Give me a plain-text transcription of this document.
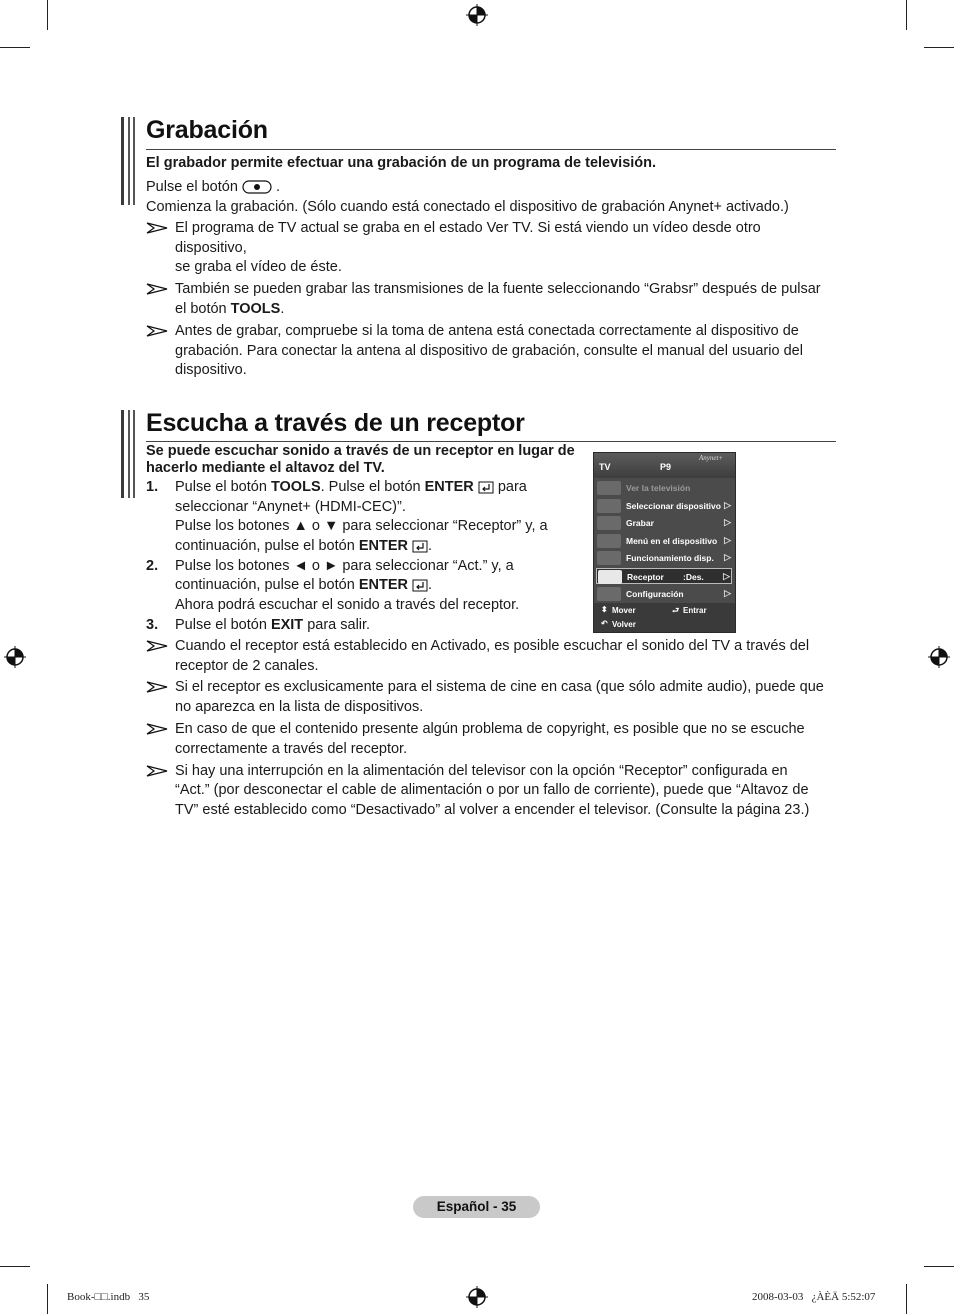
Grabación
El grabador permite efectuar una grabación de un programa de televisión.
Pulse el botón	.
Comienza la grabación. (Sólo cuando está conectado el dispositivo de grabación Anynet+ activado.)
El programa de TV actual se graba en el estado Ver TV. Si está viendo un vídeo desde otro
dispositivo,
se graba el vídeo de éste.
También se pueden grabar las transmisiones de la fuente seleccionando “Grabsr” después de pulsar
el botón TOOLS.
Antes de grabar, compruebe si la toma de antena está conectada correctamente al dispositivo de
grabación. Para conectar la antena al dispositivo de grabación, consulte el manual del usuario del
dispositivo.
Escucha a través de un receptor
Se puede escuchar sonido a través de un receptor en lugar de
hacerlo mediante el altavoz del TV.
1. Pulse el botón TOOLS. Pulse el botón ENTER para
seleccionar “Anynet+ (HDMI-CEC)”.
Pulse los botones ▲ o ▼ para seleccionar “Receptor” y, a
continuación, pulse el botón ENTER .
2. Pulse los botones ◄ o ► para seleccionar “Act.” y, a
continuación, pulse el botón ENTER .
Ahora podrá escuchar el sonido a través del receptor.
3. Pulse el botón EXIT para salir.
Cuando el receptor está establecido en Activado, es posible escuchar el sonido del TV a través del
receptor de 2 canales.
Si el receptor es exclusicamente para el sistema de cine en casa (que sólo admite audio), puede que
no aparezca en la lista de dispositivos.
En caso de que el contenido presente algún problema de copyright, es posible que no se escuche
correctamente a través del receptor.
Si hay una interrupción en la alimentación del televisor con la opción “Receptor” configurada en
“Act.” (por desconectar el cable de alimentación o por un fallo de corriente), puede que “Altavoz de
TV” esté establecido como “Desactivado” al volver a encender el televisor. (Consulte la página 23.)
TV	P9
Anynet+
Ver la televisión
Seleccionar dispositivo ▷
Grabar	▷
Menú en el dispositivo ▷
Funcionamiento disp. ▷
Receptor :Des. ▷
Configuración	▷
⬍ Mover	⮐ Entrar
↶ Volver
Español - 35
Book-□□.indb   35	2008-03-03   ¿ÀÈÄ 5:52:07
